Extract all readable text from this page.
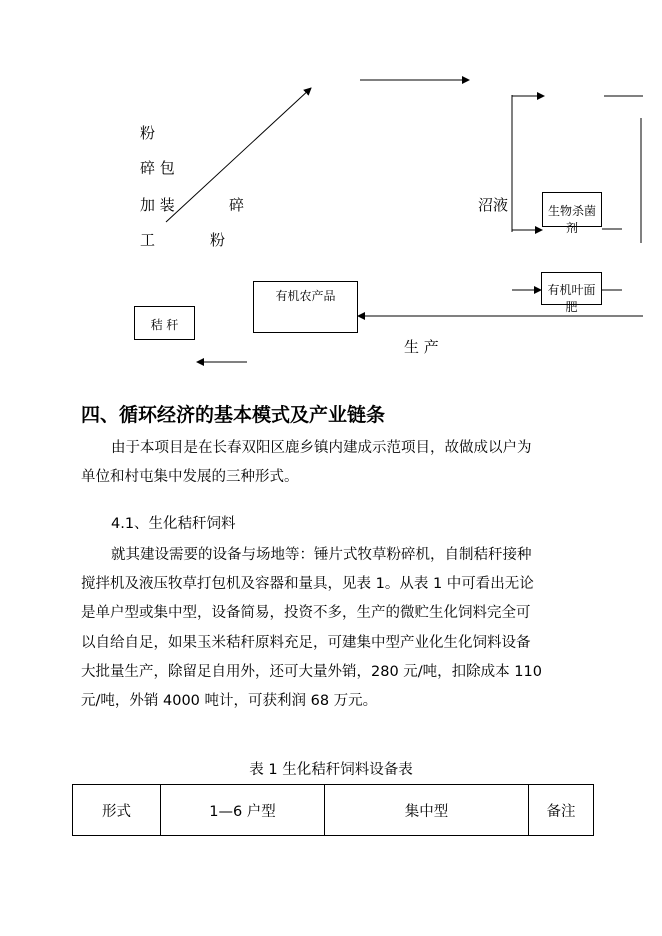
粉
碎 包
加 装
工
碎
粉
沼液
生 产
生物杀菌剂
有机叶面肥
有机农产品
秸 秆
四、循环经济的基本模式及产业链条
由于本项目是在长春双阳区鹿乡镇内建成示范项目，故做成以户为
单位和村屯集中发展的三种形式。
4.1、生化秸秆饲料
就其建设需要的设备与场地等：锤片式牧草粉碎机，自制秸秆接种
搅拌机及液压牧草打包机及容器和量具，见表 1。从表 1 中可看出无论
是单户型或集中型，设备简易，投资不多，生产的微贮生化饲料完全可
以自给自足，如果玉米秸秆原料充足，可建集中型产业化生化饲料设备
大批量生产，除留足自用外，还可大量外销，280 元/吨，扣除成本 110
元/吨，外销 4000 吨计，可获利润 68 万元。
表 1 生化秸秆饲料设备表
形式	1—6 户型	集中型	备注
